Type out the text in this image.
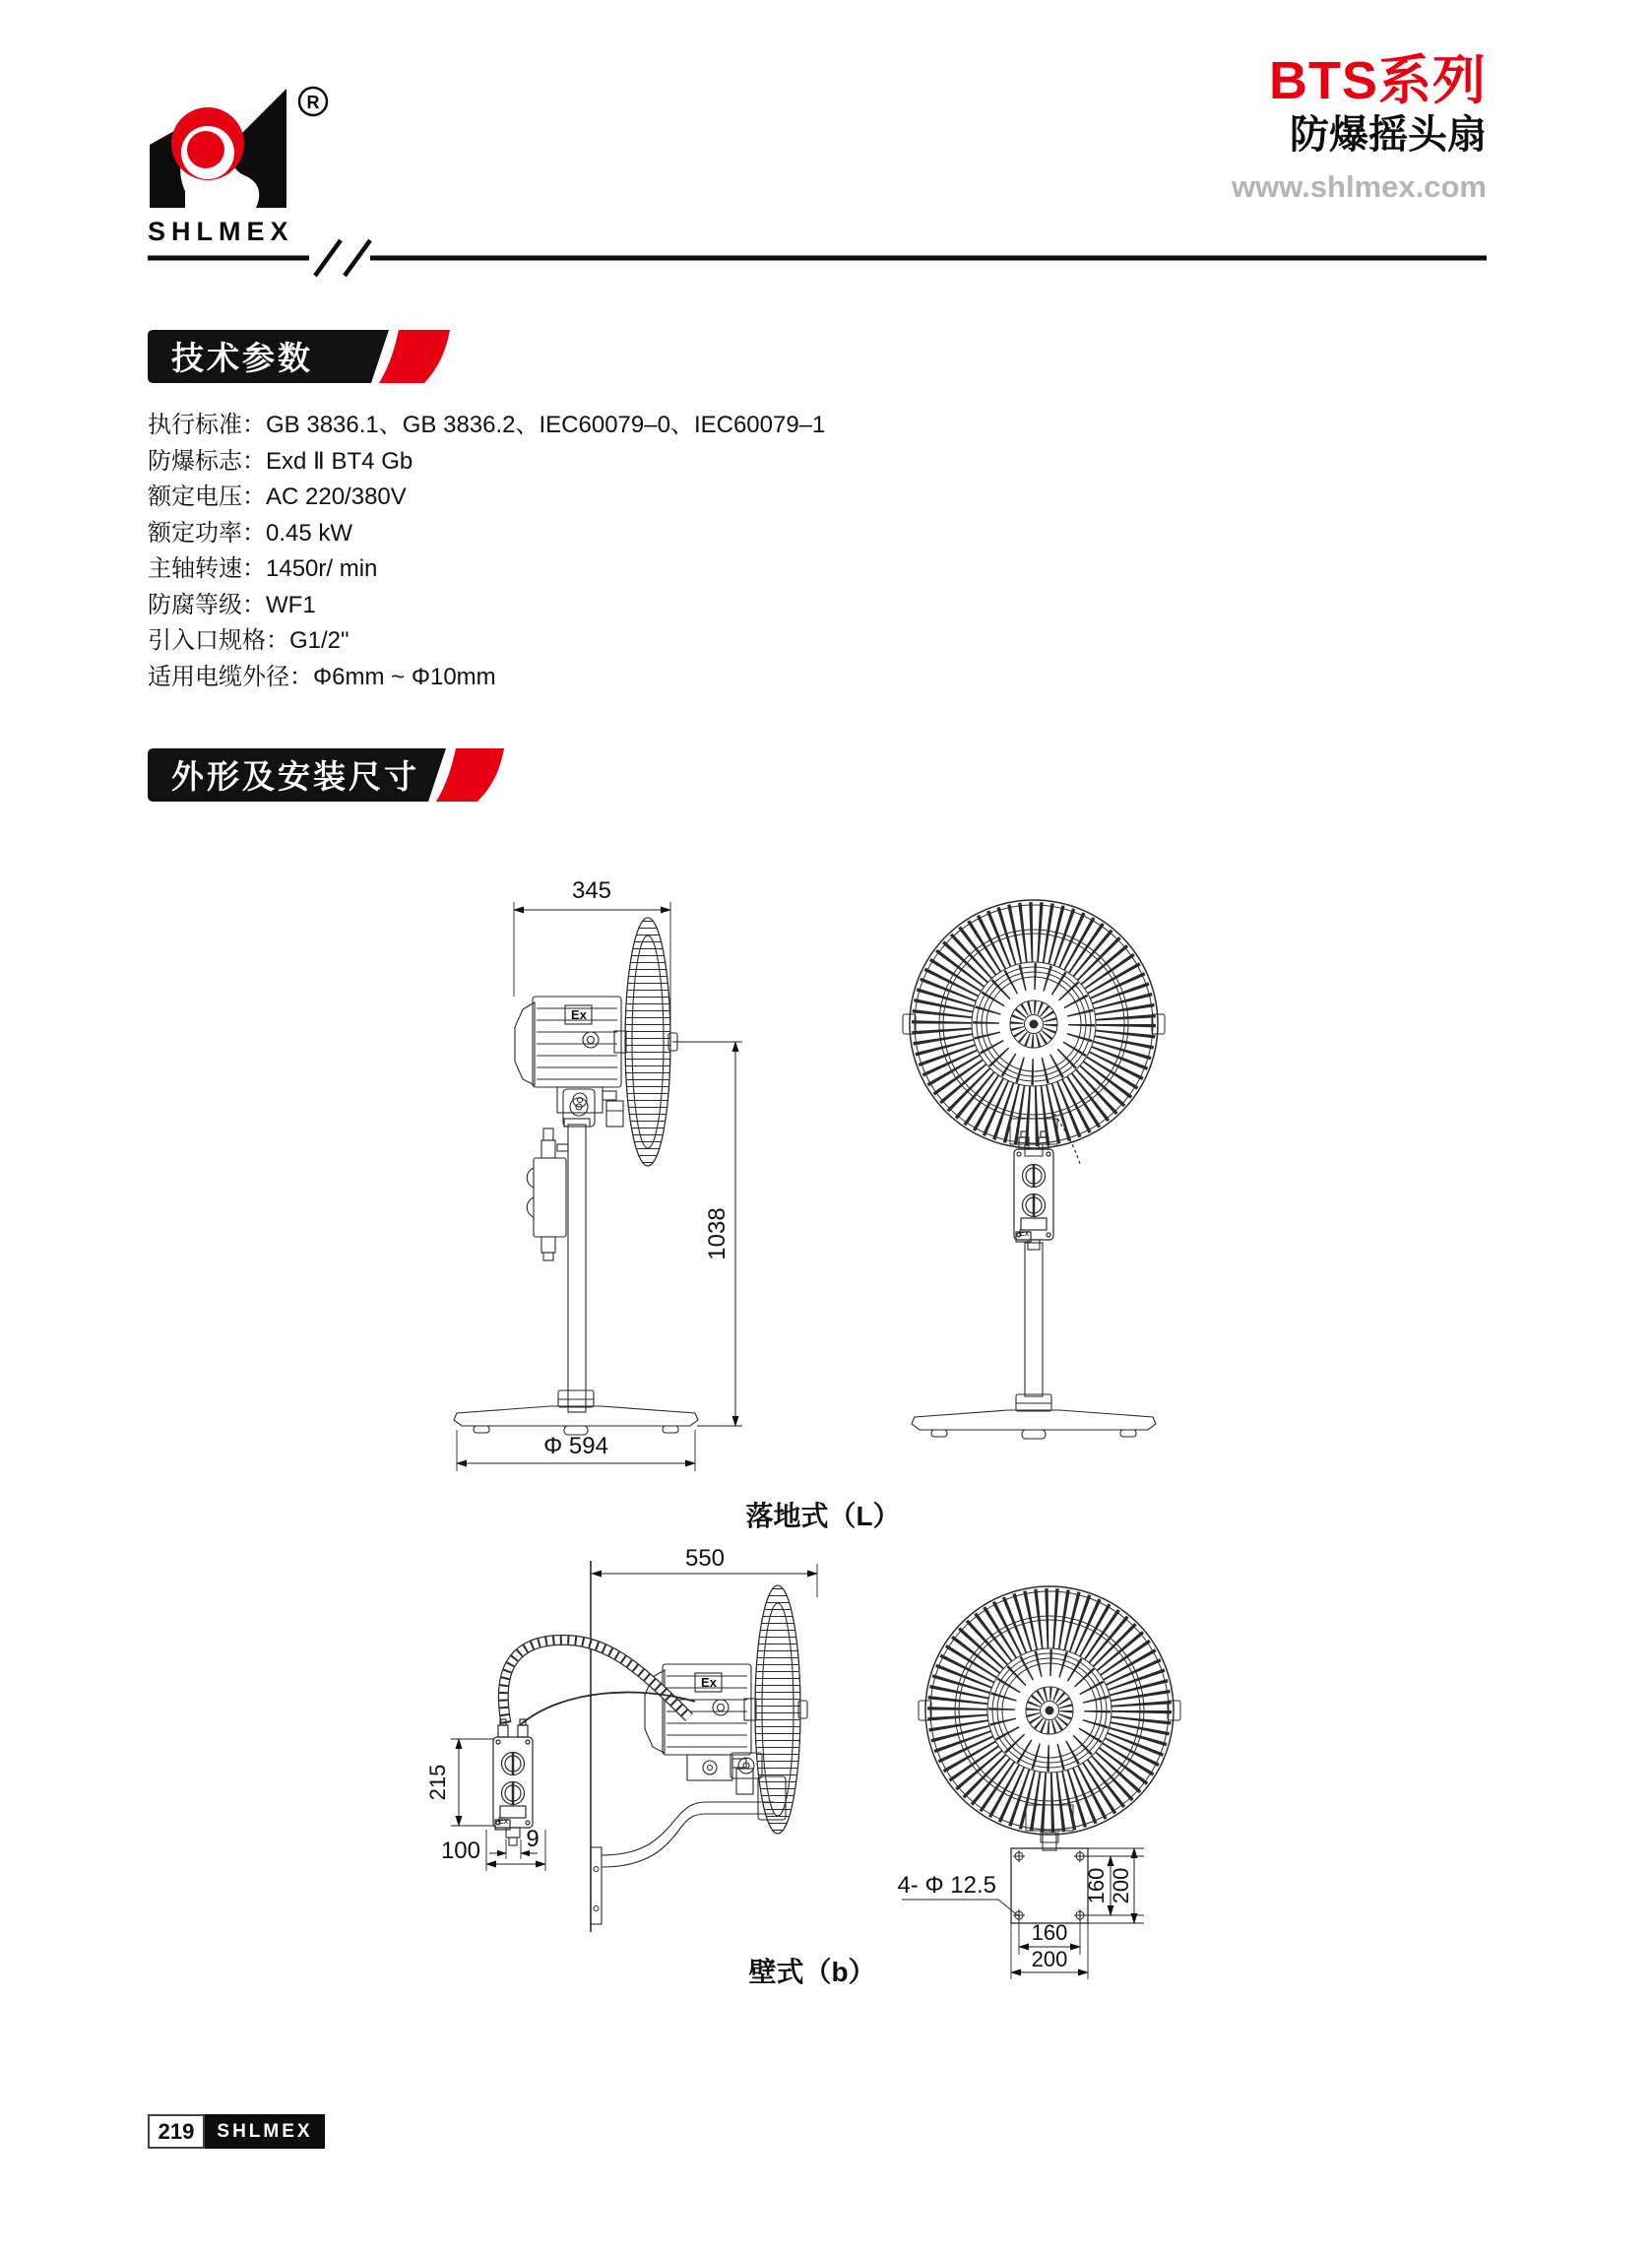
R
SHLMEX
BTS系列
防爆摇头扇
www.shlmex.com
技术参数
执行标准：GB 3836.1、GB 3836.2、IEC60079–0、IEC60079–1
防爆标志：Exd Ⅱ BT4 Gb
额定电压：AC 220/380V
额定功率：0.45 kW
主轴转速：1450r/ min
防腐等级：WF1
引入口规格：G1/2"
适用电缆外径：Φ6mm ~ Φ10mm
外形及安装尺寸
Ex
345
1038
Φ 594
Ex
落地式（L）
Ex
Ex
550
215
9
100
4- Φ 12.5	160 200
160
200
壁式（b）
219	SHLMEX
